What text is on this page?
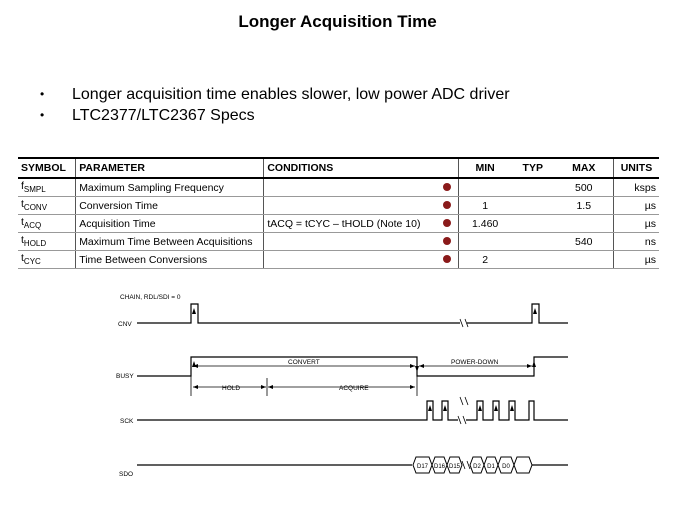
Longer Acquisition Time
•	Longer acquisition time enables slower, low power ADC driver
•	LTC2377/LTC2367 Specs
SYMBOL	PARAMETER	CONDITIONS		MIN	TYP	MAX	UNITS
$f_{SMPL}$	Maximum Sampling Frequency					500	ksps
$t_{CONV}$	Conversion Time			1		1.5	µs
$t_{ACQ}$	Acquisition Time	tACQ = tCYC – tHOLD (Note 10)		1.460			µs
$t_{HOLD}$	Maximum Time Between Acquisitions					540	ns
$t_{CYC}$	Time Between Conversions			2			µs
D17 D16 D15 D2 D1 D0
CHAIN, RDL/SDI = 0
CNV
BUSY
SCK
SDO
CONVERT	POWER-DOWN
HOLD	ACQUIRE
